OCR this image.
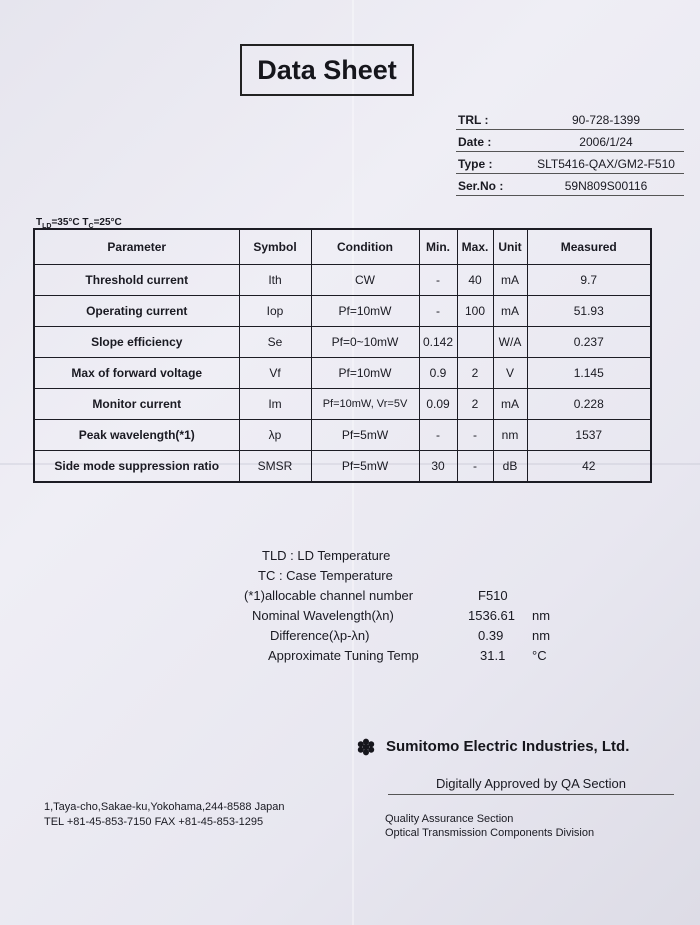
Data Sheet
TRL :	90-728-1399
Date :	2006/1/24
Type :	SLT5416-QAX/GM2-F510
Ser.No :	59N809S00116
$T_{LD}=35^\circ C$ $T_C=25^\circ C$
Parameter	Symbol	Condition	Min.	Max.	Unit	Measured
Threshold current	Ith	CW	-	40	mA	9.7
Operating current	Iop	Pf=10mW	-	100	mA	51.93
Slope efficiency	Se	Pf=0~10mW	0.142		W/A	0.237
Max of forward voltage	Vf	Pf=10mW	0.9	2	V	1.145
Monitor current	Im	Pf=10mW, Vr=5V	0.09	2	mA	0.228
Peak wavelength(*1)	λp	Pf=5mW	-	-	nm	1537
Side mode suppression ratio	SMSR	Pf=5mW	30	-	dB	42
TLD : LD Temperature
TC : Case Temperature
(*1)allocable channel number	F510
Nominal Wavelength(λn)	1536.61 nm
Difference(λp-λn)	0.39 nm
Approximate Tuning Temp	31.1 °C
Sumitomo Electric Industries, Ltd.
Digitally Approved by QA Section
1,Taya-cho,Sakae-ku,Yokohama,244-8588 Japan
TEL +81-45-853-7150 FAX +81-45-853-1295	Quality Assurance Section
Optical Transmission Components Division
